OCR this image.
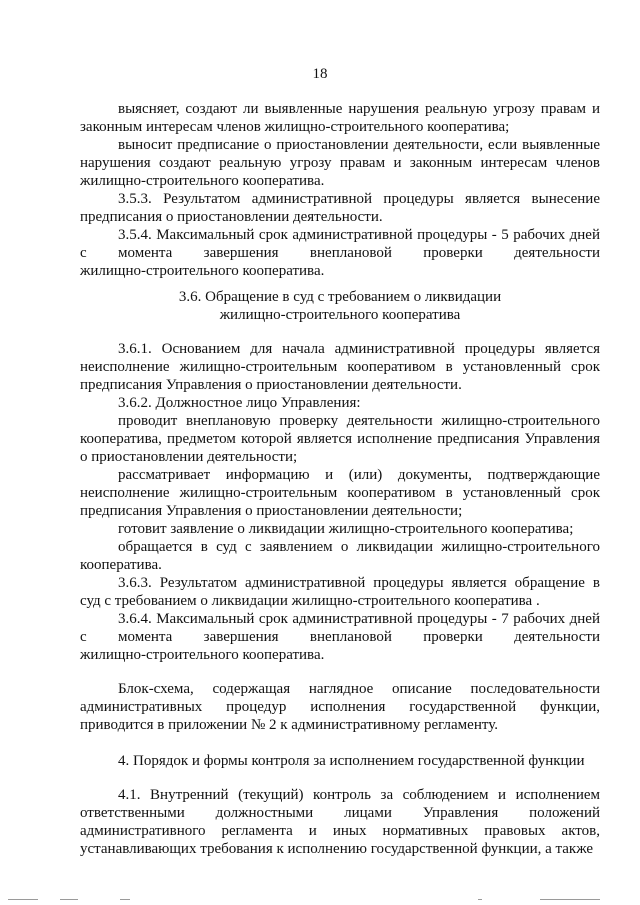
18
выясняет, создают ли выявленные нарушения реальную угрозу правам и
законным интересам членов жилищно-строительного кооператива;
выносит предписание о приостановлении деятельности, если выявленные
нарушения создают реальную угрозу правам и законным интересам членов
жилищно-строительного кооператива.
3.5.3. Результатом административной процедуры является вынесение
предписания о приостановлении деятельности.
3.5.4. Максимальный срок административной процедуры - 5 рабочих дней
с момента завершения внеплановой проверки деятельности
жилищно-строительного кооператива.
3.6. Обращение в суд с требованием о ликвидации
жилищно-строительного кооператива
3.6.1. Основанием для начала административной процедуры является
неисполнение жилищно-строительным кооперативом в установленный срок
предписания Управления о приостановлении деятельности.
3.6.2. Должностное лицо Управления:
проводит внеплановую проверку деятельности жилищно-строительного
кооператива, предметом которой является исполнение предписания Управления
о приостановлении деятельности;
рассматривает информацию и (или) документы, подтверждающие
неисполнение жилищно-строительным кооперативом в установленный срок
предписания Управления о приостановлении деятельности;
готовит заявление о ликвидации жилищно-строительного кооператива;
обращается в суд с заявлением о ликвидации жилищно-строительного
кооператива.
3.6.3. Результатом административной процедуры является обращение в
суд с требованием о ликвидации жилищно-строительного кооператива .
3.6.4. Максимальный срок административной процедуры - 7 рабочих дней
с момента завершения внеплановой проверки деятельности
жилищно-строительного кооператива.
Блок-схема, содержащая наглядное описание последовательности
административных процедур исполнения государственной функции,
приводится в приложении № 2 к административному регламенту.
4. Порядок и формы контроля за исполнением государственной функции
4.1. Внутренний (текущий) контроль за соблюдением и исполнением
ответственными должностными лицами Управления положений
административного регламента и иных нормативных правовых актов,
устанавливающих требования к исполнению государственной функции, а также
